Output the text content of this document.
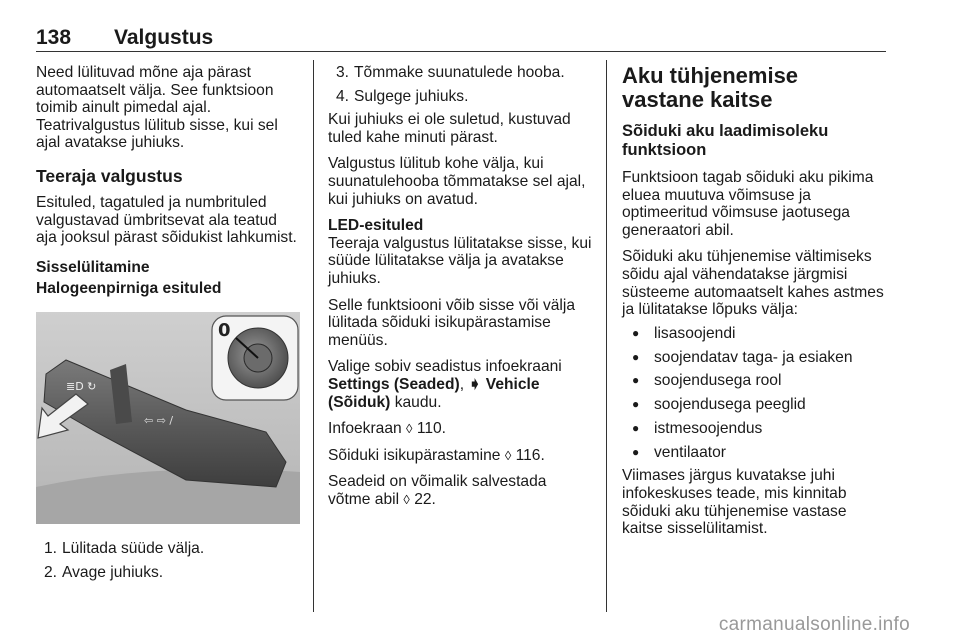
138 Valgustus

Need lülituvad mõne aja pärast automaatselt välja. See funktsioon toimib ainult pimedal ajal.

Teatrivalgustus lülitub sisse, kui sel ajal avatakse juhiuks.

Teeraja valgustus

Esituled, tagatuled ja numbrituled valgustavad ümbritsevat ala teatud aja jooksul pärast sõidukist lahkumist.

Sisselülitamine
Halogeenpirniga esituled
≣D ↻
⇦ ⇨ /
0
1. Lülitada süüde välja.
2. Avage juhiuks.
3. Tõmmake suunatulede hooba.
4. Sulgege juhiuks.

Kui juhiuks ei ole suletud, kustuvad tuled kahe minuti pärast.

Valgustus lülitub kohe välja, kui suunatulehooba tõmmatakse sel ajal, kui juhiuks on avatud.

LED-esituled

Teeraja valgustus lülitatakse sisse, kui süüde lülitatakse välja ja avatakse juhiuks.

Selle funktsiooni võib sisse või välja lülitada sõiduki isikupärastamise menüüs.

Valige sobiv seadistus infoekraani
Settings (Seaded), ➧ Vehicle (Sõiduk) kaudu.

Infoekraan ◊ 110.

Sõiduki isikupärastamine ◊ 116.

Seadeid on võimalik salvestada võtme abil ◊ 22.

Aku tühjenemise vastane kaitse
Sõiduki aku laadimisoleku funktsioon

Funktsioon tagab sõiduki aku pikima eluea muutuva võimsuse ja optimeeritud võimsuse jaotusega generaatori abil.

Sõiduki aku tühjenemise vältimiseks sõidu ajal vähendatakse järgmisi süsteeme automaatselt kahes astmes ja lülitatakse lõpuks välja:

● lisasoojendi
● soojendatav taga- ja esiaken
● soojendusega rool
● soojendusega peeglid
● istmesoojendus
● ventilaator

Viimases järgus kuvatakse juhi infokeskuses teade, mis kinnitab sõiduki aku tühjenemise vastase kaitse sisselülitamist.

carmanualsonline.info
